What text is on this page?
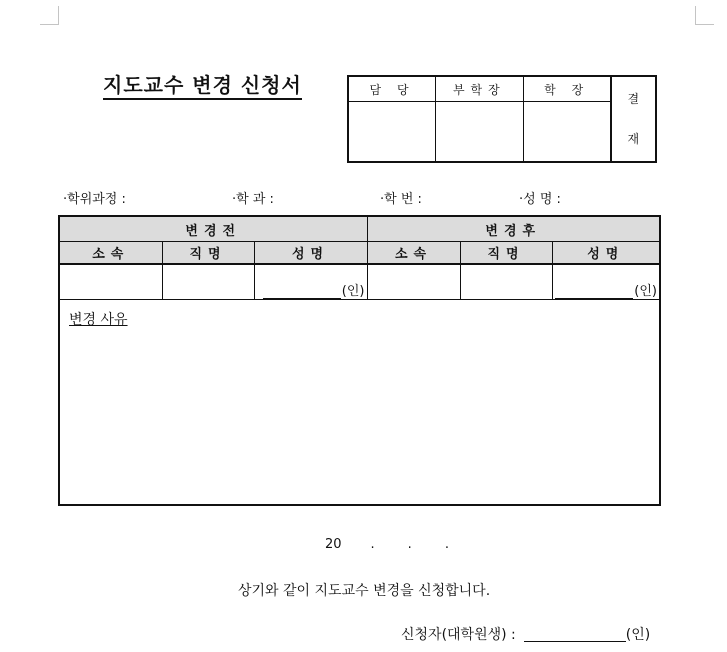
지도교수 변경 신청서	담 당	부학장	학 장	결
재

·학위과정 :	·학 과 :	·학 번 :	·성 명 :
변경전			변경후		
소속	직명	성명	소속	직명	성명

		(인)			(인)

변경 사유					
20       .        .        .
상기와 같이 지도교수 변경을 신청합니다.
신청자(대학원생) :	(인)
